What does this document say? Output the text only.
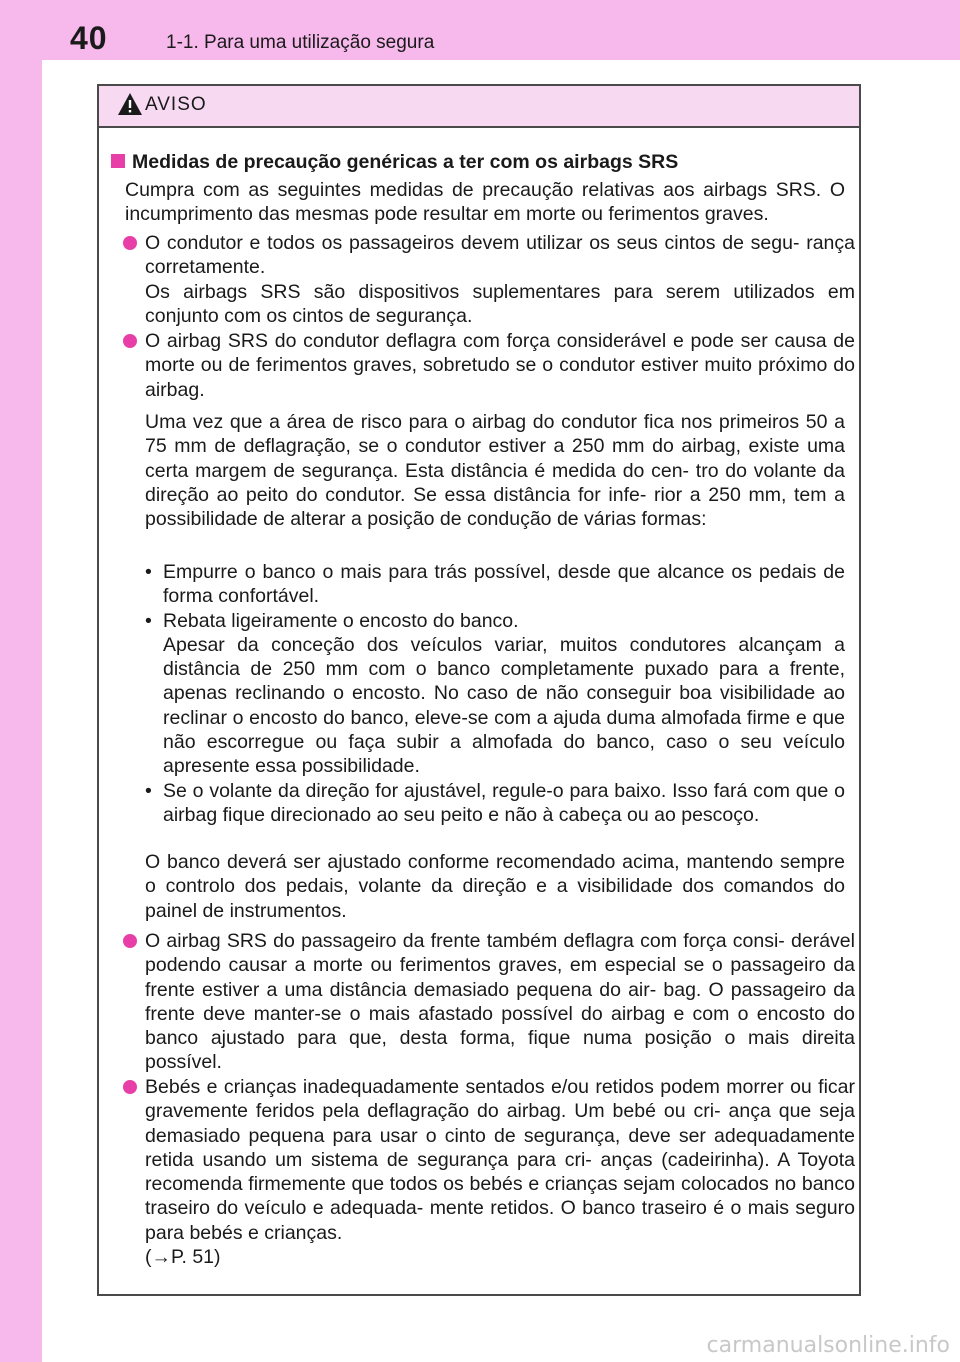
40	1-1. Para uma utilização segura
AVISO
Medidas de precaução genéricas a ter com os airbags SRS
Cumpra com as seguintes medidas de precaução relativas aos airbags SRS. O incumprimento das mesmas pode resultar em morte ou ferimentos graves.
O condutor e todos os passageiros devem utilizar os seus cintos de segu- rança corretamente.
Os airbags SRS são dispositivos suplementares para serem utilizados em conjunto com os cintos de segurança.
O airbag SRS do condutor deflagra com força considerável e pode ser causa de morte ou de ferimentos graves, sobretudo se o condutor estiver muito próximo do airbag.
Uma vez que a área de risco para o airbag do condutor fica nos primeiros 50 a 75 mm de deflagração, se o condutor estiver a 250 mm do airbag, existe uma certa margem de segurança. Esta distância é medida do cen- tro do volante da direção ao peito do condutor. Se essa distância for infe- rior a 250 mm, tem a possibilidade de alterar a posição de condução de várias formas:
• Empurre o banco o mais para trás possível, desde que alcance os pedais de forma confortável.
• Rebata ligeiramente o encosto do banco.
Apesar da conceção dos veículos variar, muitos condutores alcançam a distância de 250 mm com o banco completamente puxado para a frente, apenas reclinando o encosto. No caso de não conseguir boa visibilidade ao reclinar o encosto do banco, eleve-se com a ajuda duma almofada firme e que não escorregue ou faça subir a almofada do banco, caso o seu veículo apresente essa possibilidade.
• Se o volante da direção for ajustável, regule-o para baixo. Isso fará com que o airbag fique direcionado ao seu peito e não à cabeça ou ao pescoço.
O banco deverá ser ajustado conforme recomendado acima, mantendo sempre o controlo dos pedais, volante da direção e a visibilidade dos comandos do painel de instrumentos.
O airbag SRS do passageiro da frente também deflagra com força consi- derável podendo causar a morte ou ferimentos graves, em especial se o passageiro da frente estiver a uma distância demasiado pequena do air- bag. O passageiro da frente deve manter-se o mais afastado possível do airbag e com o encosto do banco ajustado para que, desta forma, fique numa posição o mais direita possível.
Bebés e crianças inadequadamente sentados e/ou retidos podem morrer ou ficar gravemente feridos pela deflagração do airbag. Um bebé ou cri- ança que seja demasiado pequena para usar o cinto de segurança, deve ser adequadamente retida usando um sistema de segurança para cri- anças (cadeirinha). A Toyota recomenda firmemente que todos os bebés e crianças sejam colocados no banco traseiro do veículo e adequada- mente retidos. O banco traseiro é o mais seguro para bebés e crianças.
(→P. 51)
carmanualsonline.info
